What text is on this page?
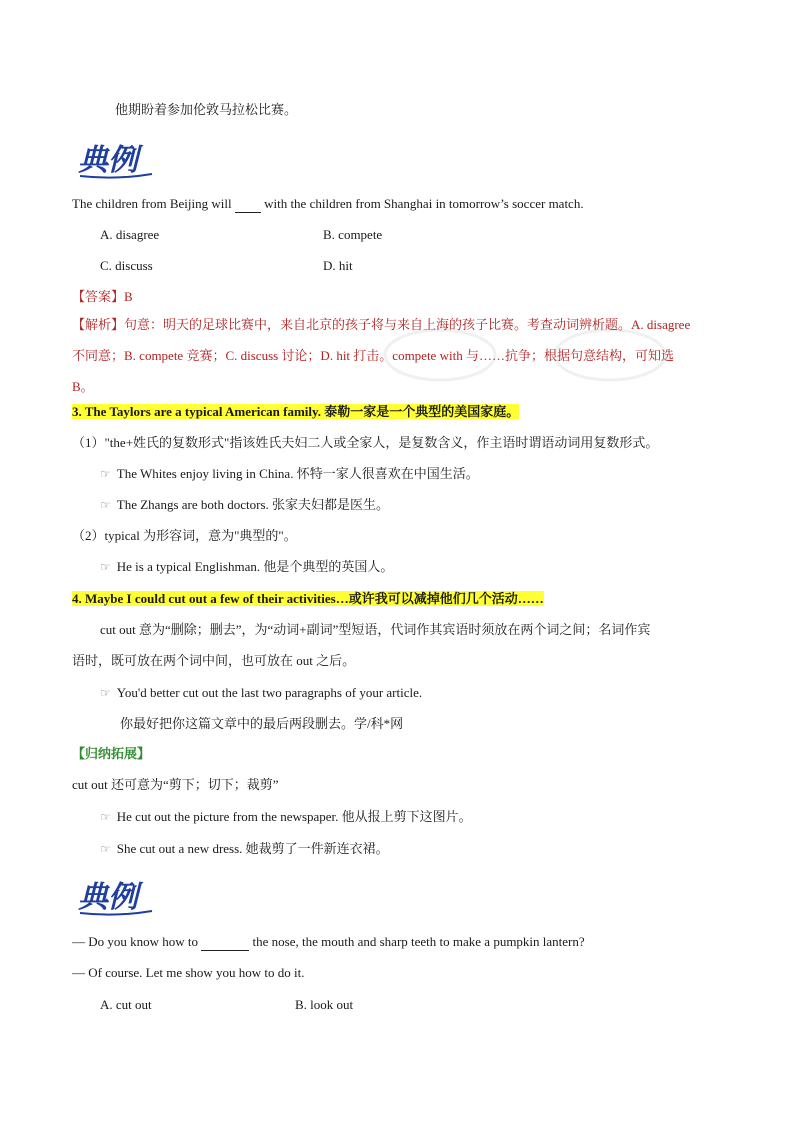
他期盼着参加伦敦马拉松比赛。
典例
The children from Beijing will  with the children from Shanghai in tomorrow’s soccer match.
A. disagree	B. compete
C. discuss	D. hit
【答案】B
【解析】句意：明天的足球比赛中，来自北京的孩子将与来自上海的孩子比赛。考查动词辨析题。A. disagree
不同意；B. compete 竞赛；C. discuss 讨论；D. hit 打击。compete with 与……抗争；根据句意结构，可知选
B。
3. The Taylors are a typical American family. 泰勒一家是一个典型的美国家庭。
（1）"the+姓氏的复数形式"指该姓氏夫妇二人或全家人，是复数含义，作主语时谓语动词用复数形式。
☞ The Whites enjoy living in China. 怀特一家人很喜欢在中国生活。
☞ The Zhangs are both doctors. 张家夫妇都是医生。
（2）typical 为形容词，意为"典型的"。
☞ He is a typical Englishman. 他是个典型的英国人。
4. Maybe I could cut out a few of their activities…或许我可以减掉他们几个活动……
cut out 意为“删除；删去”，为“动词+副词”型短语，代词作其宾语时须放在两个词之间；名词作宾
语时，既可放在两个词中间，也可放在 out 之后。
☞ You'd better cut out the last two paragraphs of your article.
你最好把你这篇文章中的最后两段删去。学/科*网
【归纳拓展】
cut out 还可意为“剪下；切下；裁剪”
☞ He cut out the picture from the newspaper. 他从报上剪下这图片。
☞ She cut out a new dress. 她裁剪了一件新连衣裙。
典例
— Do you know how to	the nose, the mouth and sharp teeth to make a pumpkin lantern?
— Of course. Let me show you how to do it.
A. cut out	B. look out
